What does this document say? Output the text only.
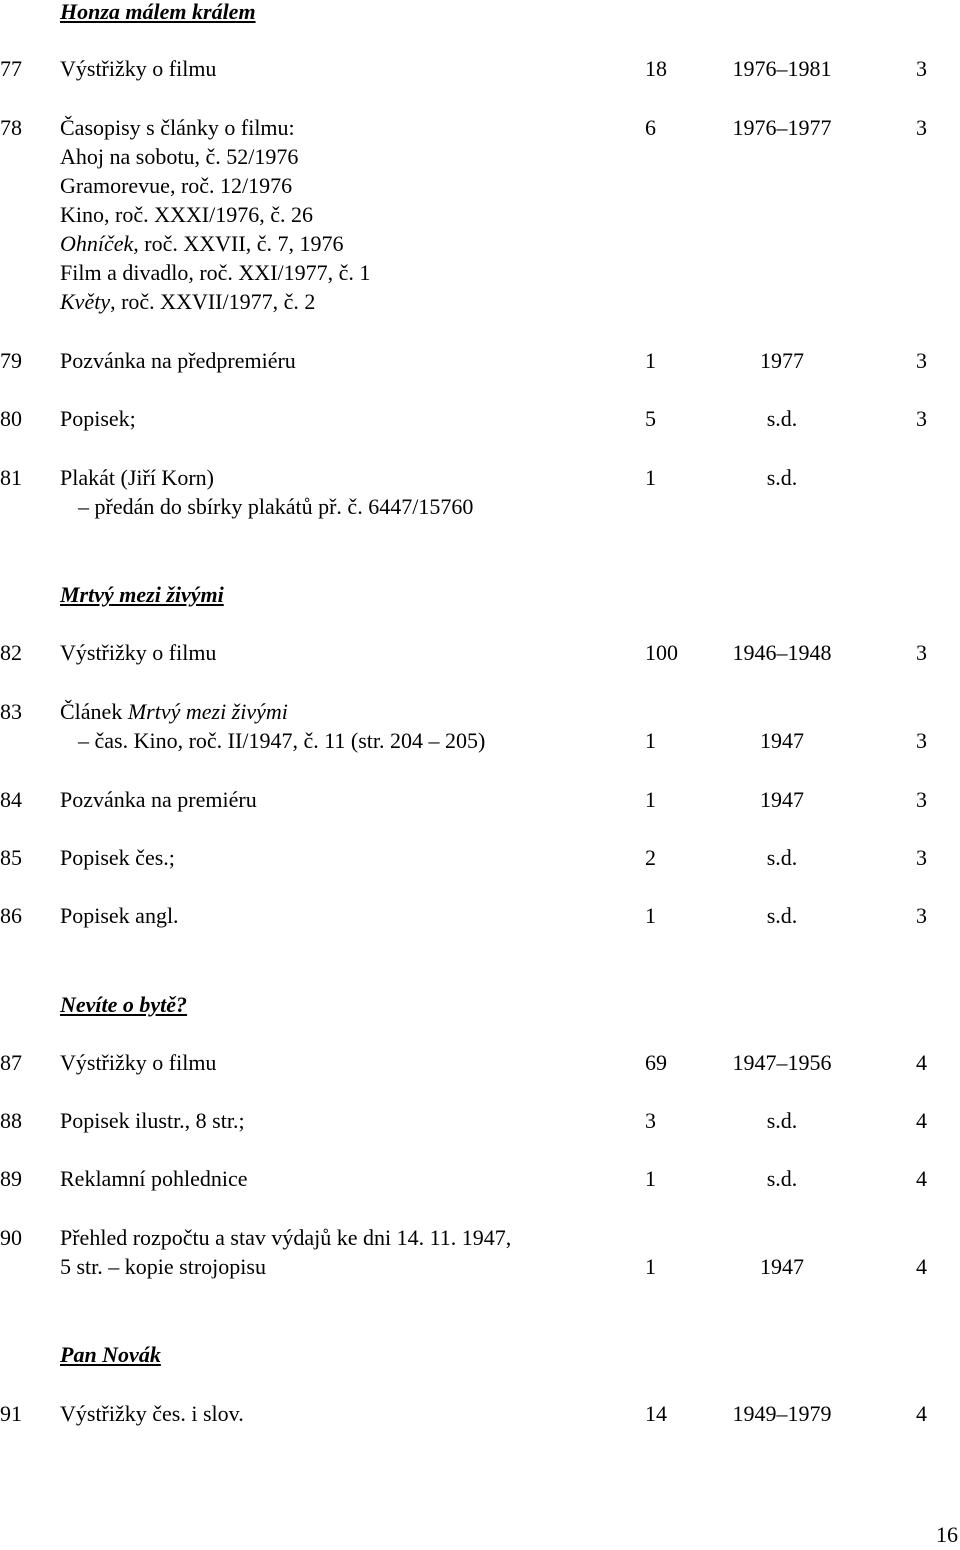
Honza málem králem
77 Výstřižky o filmu	18	1976–1981	3
78 Časopisy s články o filmu:	6	1976–1977	3
Ahoj na sobotu, č. 52/1976
Gramorevue, roč. 12/1976
Kino, roč. XXXI/1976, č. 26
Ohníček, roč. XXVII, č. 7, 1976
Film a divadlo, roč. XXI/1977, č. 1
Květy, roč. XXVII/1977, č. 2
79 Pozvánka na předpremiéru	1	1977	3
80 Popisek;	5	s.d.	3
81 Plakát (Jiří Korn)	1	s.d.
– předán do sbírky plakátů př. č. 6447/15760
Mrtvý mezi živými
82 Výstřižky o filmu	100	1946–1948	3
83 Článek Mrtvý mezi živými
– čas. Kino, roč. II/1947, č. 11 (str. 204 – 205)	1	1947	3
84 Pozvánka na premiéru	1	1947	3
85 Popisek čes.;	2	s.d.	3
86 Popisek angl.	1	s.d.	3
Nevíte o bytě?
87 Výstřižky o filmu	69	1947–1956	4
88 Popisek ilustr., 8 str.;	3	s.d.	4
89 Reklamní pohlednice	1	s.d.	4
90 Přehled rozpočtu a stav výdajů ke dni 14. 11. 1947,
5 str. – kopie strojopisu	1	1947	4
Pan Novák
91 Výstřižky čes. i slov.	14	1949–1979	4
16
